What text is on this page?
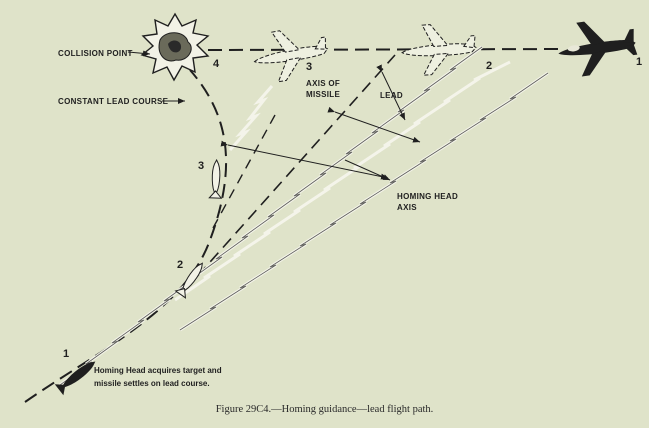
COLLISION POINT
CONSTANT LEAD COURSE
AXIS OF
MISSILE	LEAD
HOMING HEAD
AXIS
1
2
3
4
1
2
3
Homing Head acquires target and
missile settles on lead course.
Figure 29C4.—Homing guidance—lead flight path.
